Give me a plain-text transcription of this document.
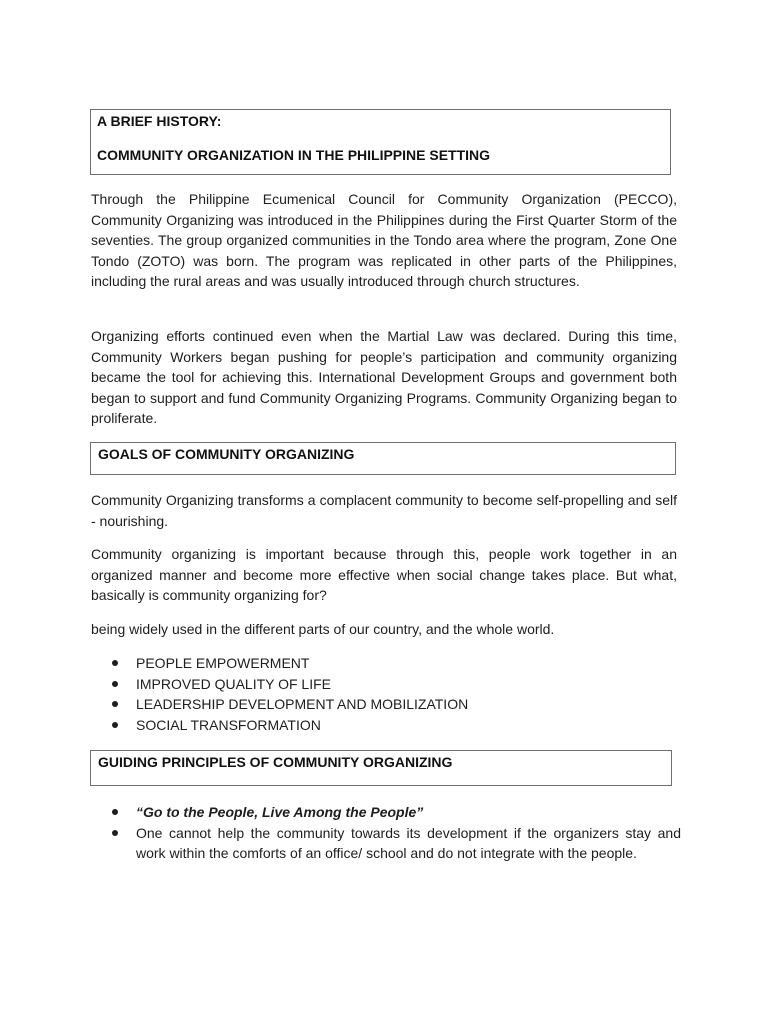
A BRIEF HISTORY:

COMMUNITY ORGANIZATION IN THE PHILIPPINE SETTING

Through the Philippine Ecumenical Council for Community Organization (PECCO), Community Organizing was introduced in the Philippines during the First Quarter Storm of the seventies. The group organized communities in the Tondo area where the program, Zone One Tondo (ZOTO) was born. The program was replicated in other parts of the Philippines, including the rural areas and was usually introduced through church structures.

Organizing efforts continued even when the Martial Law was declared. During this time, Community Workers began pushing for people’s participation and community organizing became the tool for achieving this. International Development Groups and government both began to support and fund Community Organizing Programs. Community Organizing began to proliferate.

GOALS OF COMMUNITY ORGANIZING

Community Organizing transforms a complacent community to become self-propelling and self - nourishing.

Community organizing is important because through this, people work together in an organized manner and become more effective when social change takes place. But what, basically is community organizing for?

being widely used in the different parts of our country, and the whole world.

PEOPLE EMPOWERMENT
IMPROVED QUALITY OF LIFE
LEADERSHIP DEVELOPMENT AND MOBILIZATION
SOCIAL TRANSFORMATION

GUIDING PRINCIPLES OF COMMUNITY ORGANIZING

“Go to the People, Live Among the People”
One cannot help the community towards its development if the organizers stay and work within the comforts of an office/ school and do not integrate with the people.
